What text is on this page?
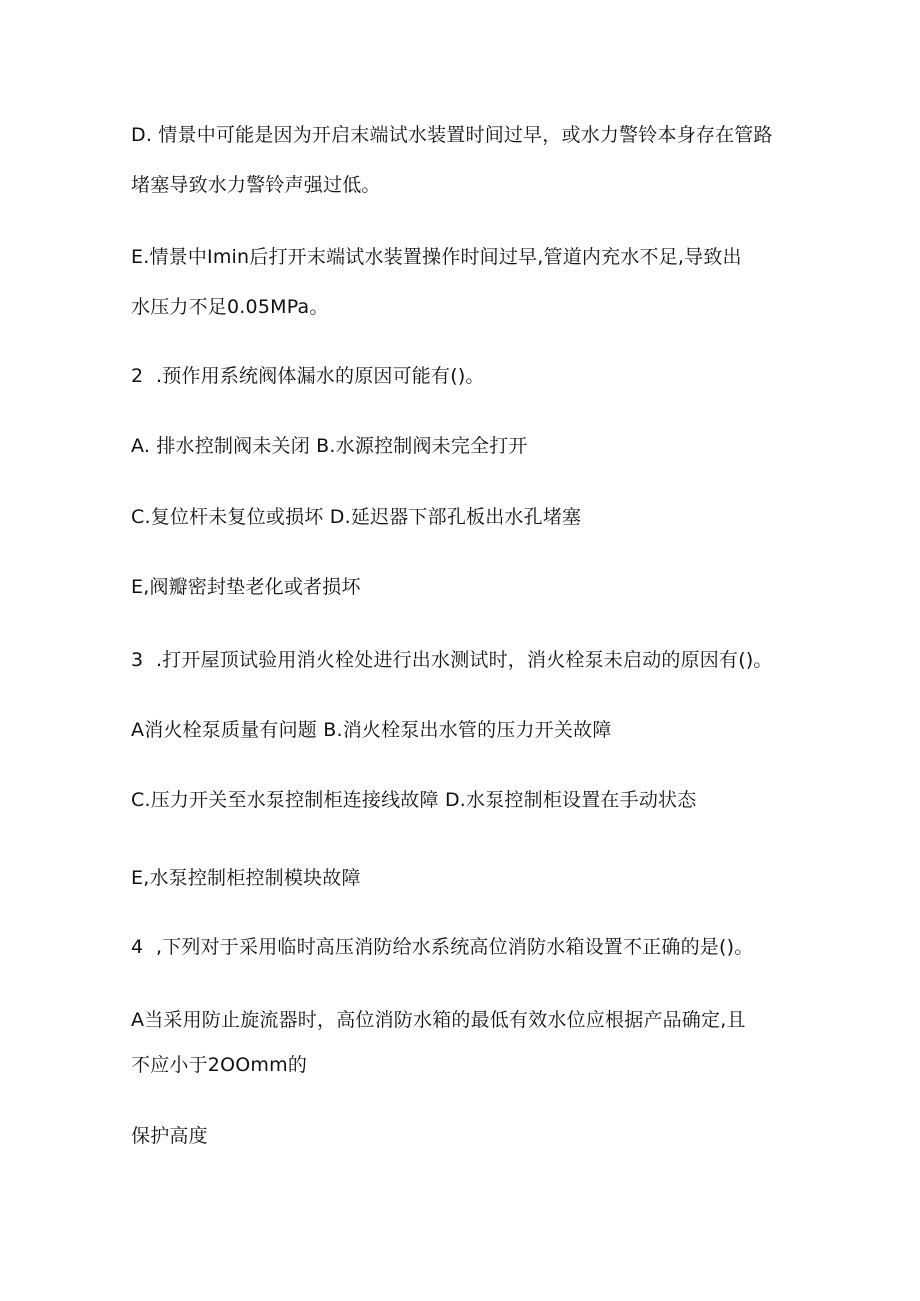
D. 情景中可能是因为开启末端试水装置时间过早，或水力警铃本身存在管路
堵塞导致水力警铃声强过低。
E.情景中Imin后打开末端试水装置操作时间过早,管道内充水不足,导致出
水压力不足0.05MPa。
2	.预作用系统阀体漏水的原因可能有()。
A. 排水控制阀未关闭 B.水源控制阀未完全打开
C.复位杆未复位或损坏 D.延迟器下部孔板出水孔堵塞
E,阀瓣密封垫老化或者损坏
3	.打开屋顶试验用消火栓处进行出水测试时，消火栓泵未启动的原因有()。
A消火栓泵质量有问题 B.消火栓泵出水管的压力开关故障
C.压力开关至水泵控制柜连接线故障 D.水泵控制柜设置在手动状态
E,水泵控制柜控制模块故障
4	,下列对于采用临时高压消防给水系统高位消防水箱设置不正确的是()。
A当采用防止旋流器时，高位消防水箱的最低有效水位应根据产品确定,且
不应小于2OOmm的
保护高度
